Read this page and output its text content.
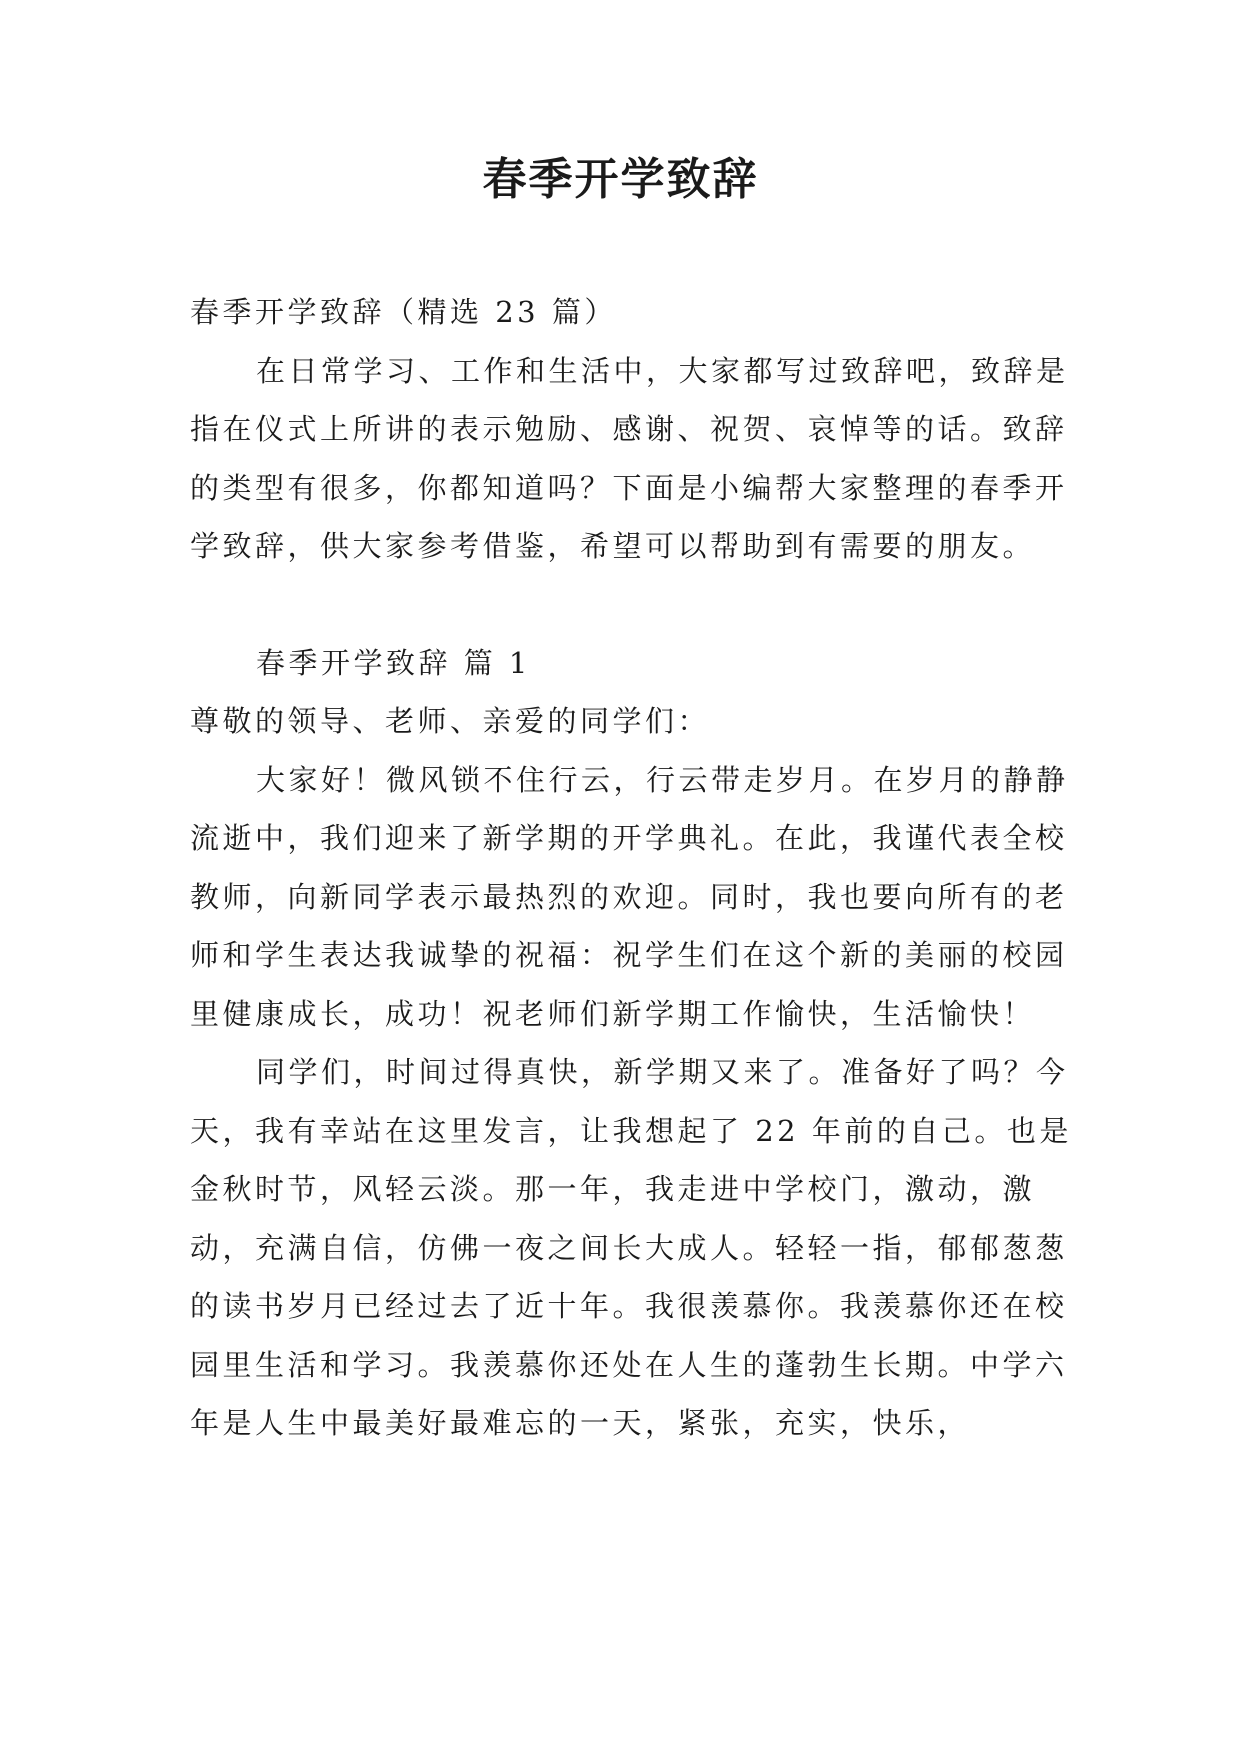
春季开学致辞

春季开学致辞（精选 23 篇）

在日常学习、工作和生活中，大家都写过致辞吧，致辞是指在仪式上所讲的表示勉励、感谢、祝贺、哀悼等的话。致辞的类型有很多，你都知道吗？下面是小编帮大家整理的春季开学致辞，供大家参考借鉴，希望可以帮助到有需要的朋友。

春季开学致辞 篇 1

尊敬的领导、老师、亲爱的同学们：

大家好！微风锁不住行云，行云带走岁月。在岁月的静静流逝中，我们迎来了新学期的开学典礼。在此，我谨代表全校教师，向新同学表示最热烈的欢迎。同时，我也要向所有的老师和学生表达我诚挚的祝福：祝学生们在这个新的美丽的校园里健康成长，成功！祝老师们新学期工作愉快，生活愉快！

同学们，时间过得真快，新学期又来了。准备好了吗？今天，我有幸站在这里发言，让我想起了 22 年前的自己。也是金秋时节，风轻云淡。那一年，我走进中学校门，激动，激动，充满自信，仿佛一夜之间长大成人。轻轻一指，郁郁葱葱的读书岁月已经过去了近十年。我很羡慕你。我羡慕你还在校园里生活和学习。我羡慕你还处在人生的蓬勃生长期。中学六年是人生中最美好最难忘的一天，紧张，充实，快乐，
